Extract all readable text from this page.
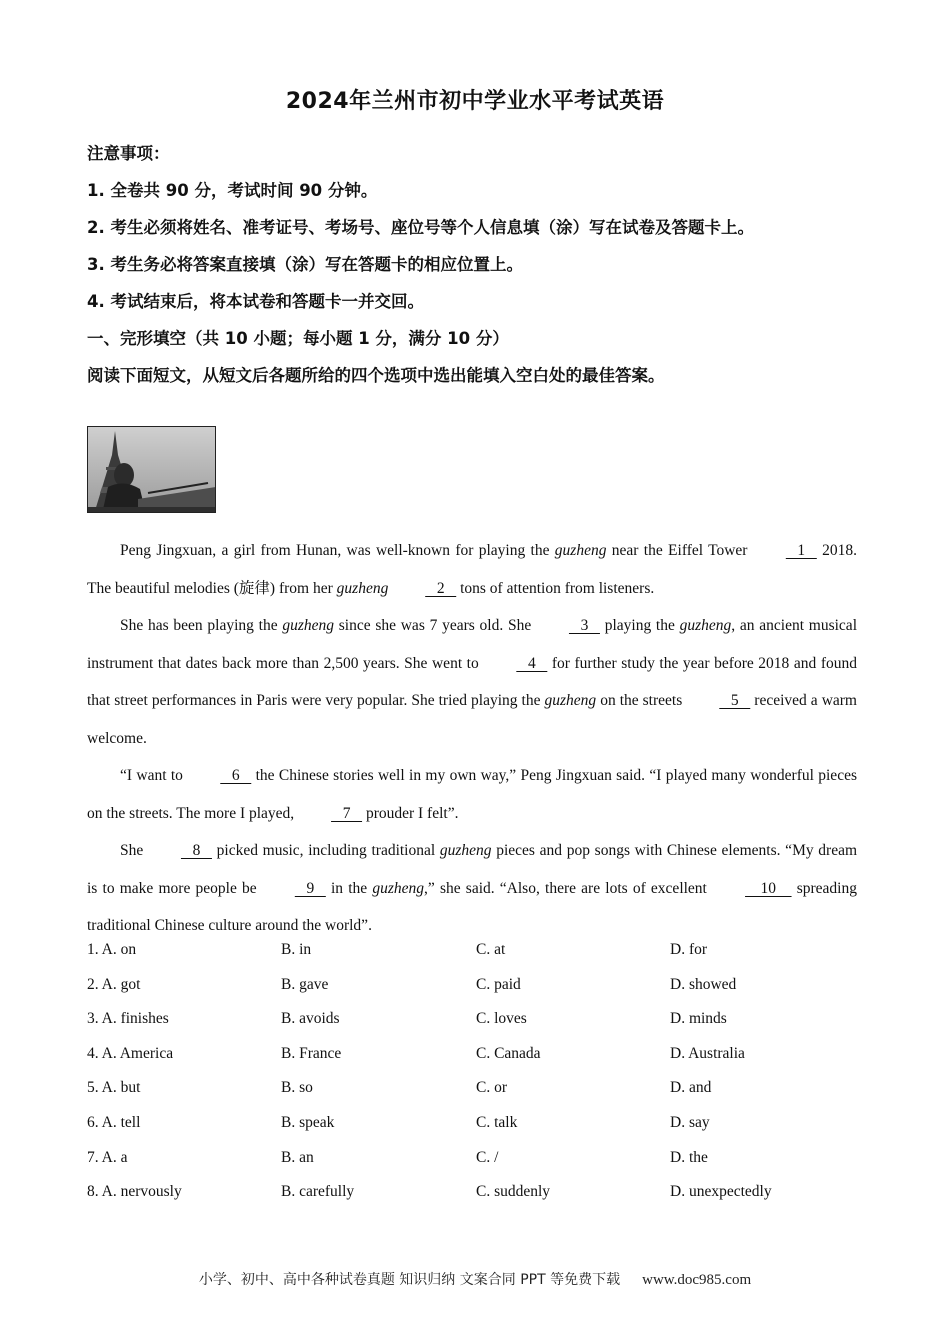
2024年兰州市初中学业水平考试英语
注意事项：
1. 全卷共 90 分，考试时间 90 分钟。
2. 考生必须将姓名、准考证号、考场号、座位号等个人信息填（涂）写在试卷及答题卡上。
3. 考生务必将答案直接填（涂）写在答题卡的相应位置上。
4. 考试结束后，将本试卷和答题卡一并交回。
一、完形填空（共 10 小题；每小题 1 分，满分 10 分）
阅读下面短文，从短文后各题所给的四个选项中选出能填入空白处的最佳答案。

Peng Jingxuan, a girl from Hunan, was well-known for playing the guzheng near the Eiffel Tower    1    2018. The beautiful melodies (旋律) from her guzheng    2    tons of attention from listeners.

She has been playing the guzheng since she was 7 years old. She    3    playing the guzheng, an ancient musical instrument that dates back more than 2,500 years. She went to    4    for further study the year before 2018 and found that street performances in Paris were very popular. She tried playing the guzheng on the streets    5    received a warm welcome.

“I want to    6    the Chinese stories well in my own way,” Peng Jingxuan said. “I played many wonderful pieces on the streets. The more I played,    7    prouder I felt”.

She    8    picked music, including traditional guzheng pieces and pop songs with Chinese elements. “My dream is to make more people be    9    in the guzheng,” she said. “Also, there are lots of excellent     10     spreading traditional Chinese culture around the world”.

1. A. on	B. in	C. at	D. for
2. A. got	B. gave	C. paid	D. showed
3. A. finishes	B. avoids	C. loves	D. minds
4. A. America	B. France	C. Canada	D. Australia
5. A. but	B. so	C. or	D. and
6. A. tell	B. speak	C. talk	D. say
7. A. a	B. an	C. /	D. the
8. A. nervously	B. carefully	C. suddenly	D. unexpectedly
小学、初中、高中各种试卷真题 知识归纳 文案合同 PPT 等免费下载 www.doc985.com
